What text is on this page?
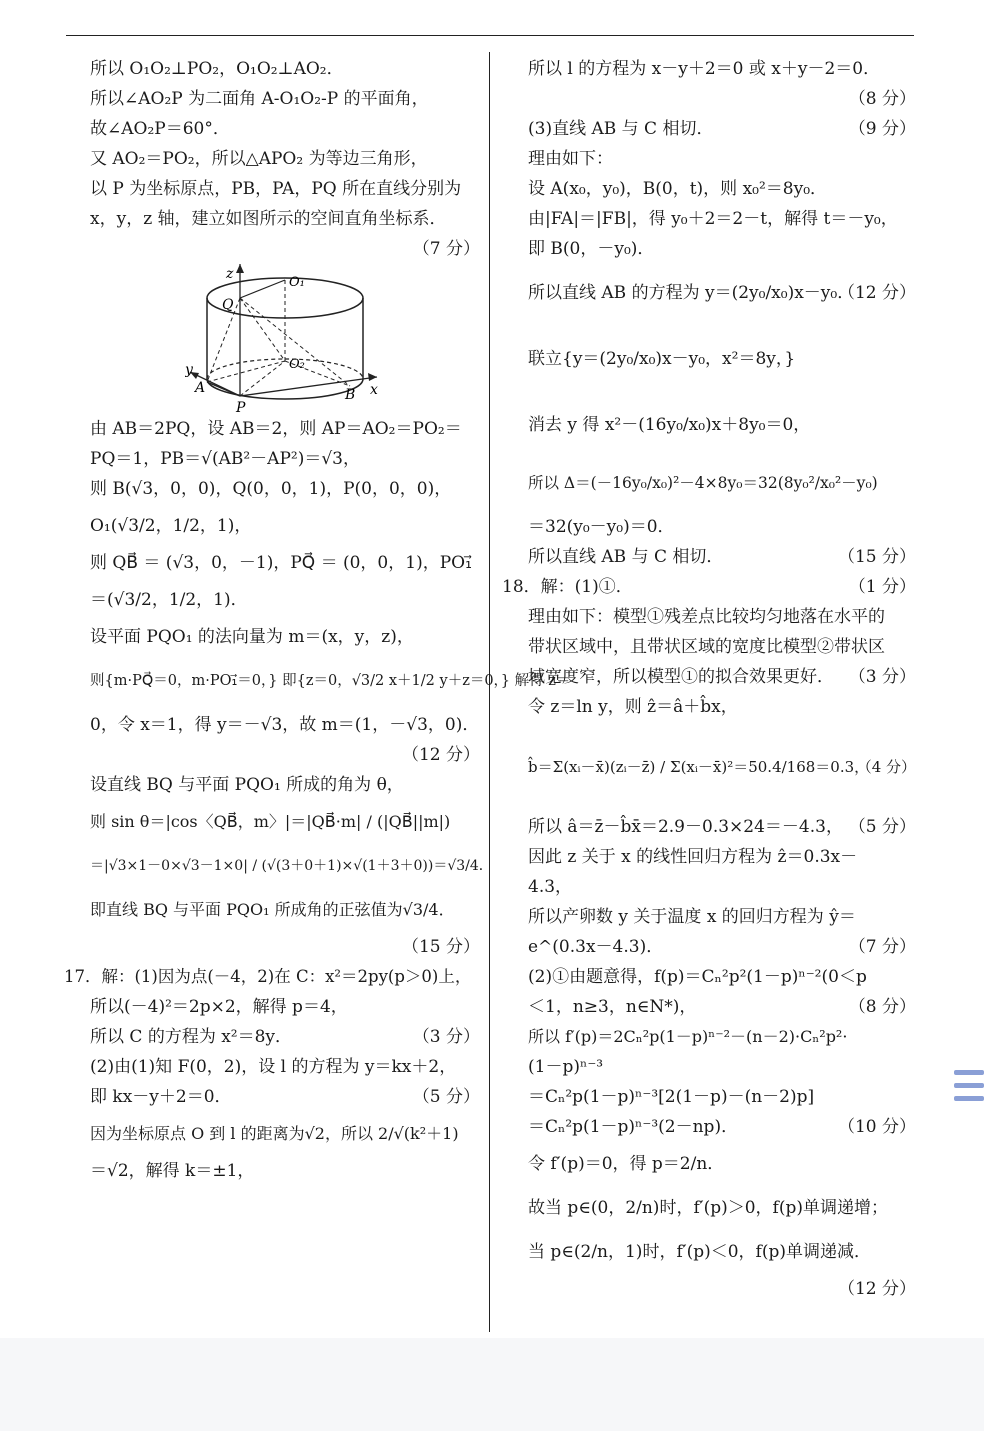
所以 O₁O₂⊥PO₂，O₁O₂⊥AO₂．
所以∠AO₂P 为二面角 A-O₁O₂-P 的平面角，
故∠AO₂P＝60°．
又 AO₂＝PO₂，所以△APO₂ 为等边三角形，
以 P 为坐标原点，PB，PA，PQ 所在直线分别为
x，y，z 轴，建立如图所示的空间直角坐标系．
（7 分）
z
Q
O₁
O₂
y
A
P
B x
由 AB＝2PQ，设 AB＝2，则 AP＝AO₂＝PO₂＝
PQ＝1，PB＝√(AB²－AP²)＝√3，
则 B(√3，0，0)，Q(0，0，1)，P(0，0，0)，
O₁(√3/2，1/2，1)，
则 QB⃗ ＝ (√3，0，－1)，PQ⃗ ＝ (0，0，1)，PO₁⃗
＝(√3/2，1/2，1)．
设平面 PQO₁ 的法向量为 m＝(x，y，z)，
则{m·PQ⃗＝0，m·PO₁⃗＝0，} 即{z＝0，√3/2 x＋1/2 y＋z＝0，} 解得 z＝
0，令 x＝1，得 y＝－√3，故 m＝(1，－√3，0)．
（12 分）
设直线 BQ 与平面 PQO₁ 所成的角为 θ，
则 sin θ＝|cos〈QB⃗，m〉|＝|QB⃗·m| / (|QB⃗||m|)
＝|√3×1－0×√3－1×0| / (√(3＋0＋1)×√(1＋3＋0))＝√3/4．
即直线 BQ 与平面 PQO₁ 所成角的正弦值为√3/4．
（15 分）
17．解：(1)因为点(－4，2)在 C：x²＝2py(p＞0)上，
所以(－4)²＝2p×2，解得 p＝4，
所以 C 的方程为 x²＝8y．	（3 分）
(2)由(1)知 F(0，2)，设 l 的方程为 y＝kx＋2，
即 kx－y＋2＝0．	（5 分）
因为坐标原点 O 到 l 的距离为√2，所以 2/√(k²＋1)
＝√2，解得 k＝±1，
所以 l 的方程为 x－y＋2＝0 或 x＋y－2＝0．
（8 分）
(3)直线 AB 与 C 相切．	（9 分）
理由如下：
设 A(x₀，y₀)，B(0，t)，则 x₀²＝8y₀．
由|FA|＝|FB|，得 y₀＋2＝2－t，解得 t＝－y₀，
即 B(0，－y₀)．
所以直线 AB 的方程为 y＝(2y₀/x₀)x－y₀．
（12 分）
联立{y＝(2y₀/x₀)x－y₀，x²＝8y，}
消去 y 得 x²－(16y₀/x₀)x＋8y₀＝0，
所以 Δ＝(－16y₀/x₀)²－4×8y₀＝32(8y₀²/x₀²－y₀)
＝32(y₀－y₀)＝0．
所以直线 AB 与 C 相切．	（15 分）
18．解：(1)①．	（1 分）
理由如下：模型①残差点比较均匀地落在水平的
带状区域中，且带状区域的宽度比模型②带状区
域宽度窄，所以模型①的拟合效果更好． （3 分）
令 z＝ln y，则 ẑ＝â＋b̂x，
b̂＝Σ(xᵢ－x̄)(zᵢ－z̄) / Σ(xᵢ－x̄)²＝50.4/168＝0.3，
（4 分）
所以 â＝z̄－b̂x̄＝2.9－0.3×24＝－4.3， （5 分）
因此 z 关于 x 的线性回归方程为 ẑ＝0.3x－
4.3，
所以产卵数 y 关于温度 x 的回归方程为 ŷ＝
e^(0.3x－4.3)．	（7 分）
(2)①由题意得，f(p)＝Cₙ²p²(1－p)ⁿ⁻²(0＜p
＜1，n≥3，n∈N*)，	（8 分）
所以 f′(p)＝2Cₙ²p(1－p)ⁿ⁻²－(n－2)·Cₙ²p²·
(1－p)ⁿ⁻³
＝Cₙ²p(1－p)ⁿ⁻³[2(1－p)－(n－2)p]
＝Cₙ²p(1－p)ⁿ⁻³(2－np)．	（10 分）
令 f′(p)＝0，得 p＝2/n．
故当 p∈(0，2/n)时，f′(p)＞0，f(p)单调递增；
当 p∈(2/n，1)时，f′(p)＜0，f(p)单调递减．
（12 分）
